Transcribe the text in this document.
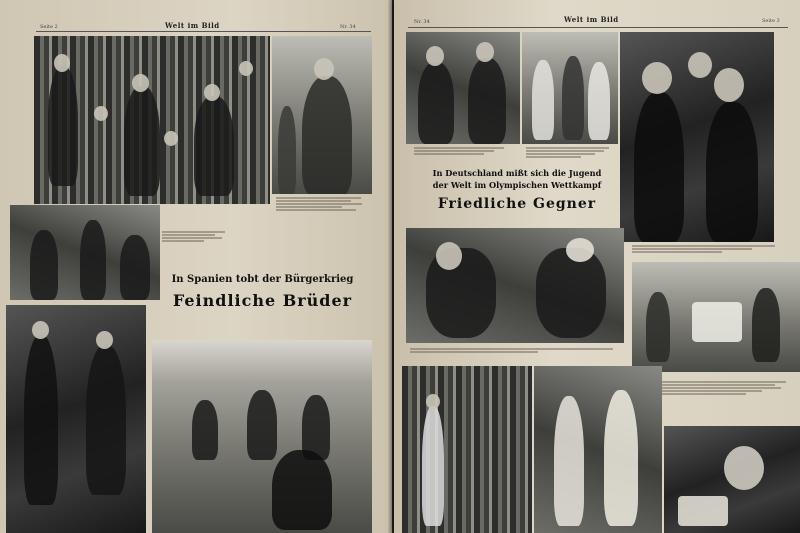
Seite 2	Welt im Bild	Nr. 34
In Spanien tobt der Bürgerkrieg
Feindliche Brüder
Nr. 34	Welt im Bild	Seite 3
In Deutschland mißt sich die Jugend
der Welt im Olympischen Wettkampf
Friedliche Gegner
